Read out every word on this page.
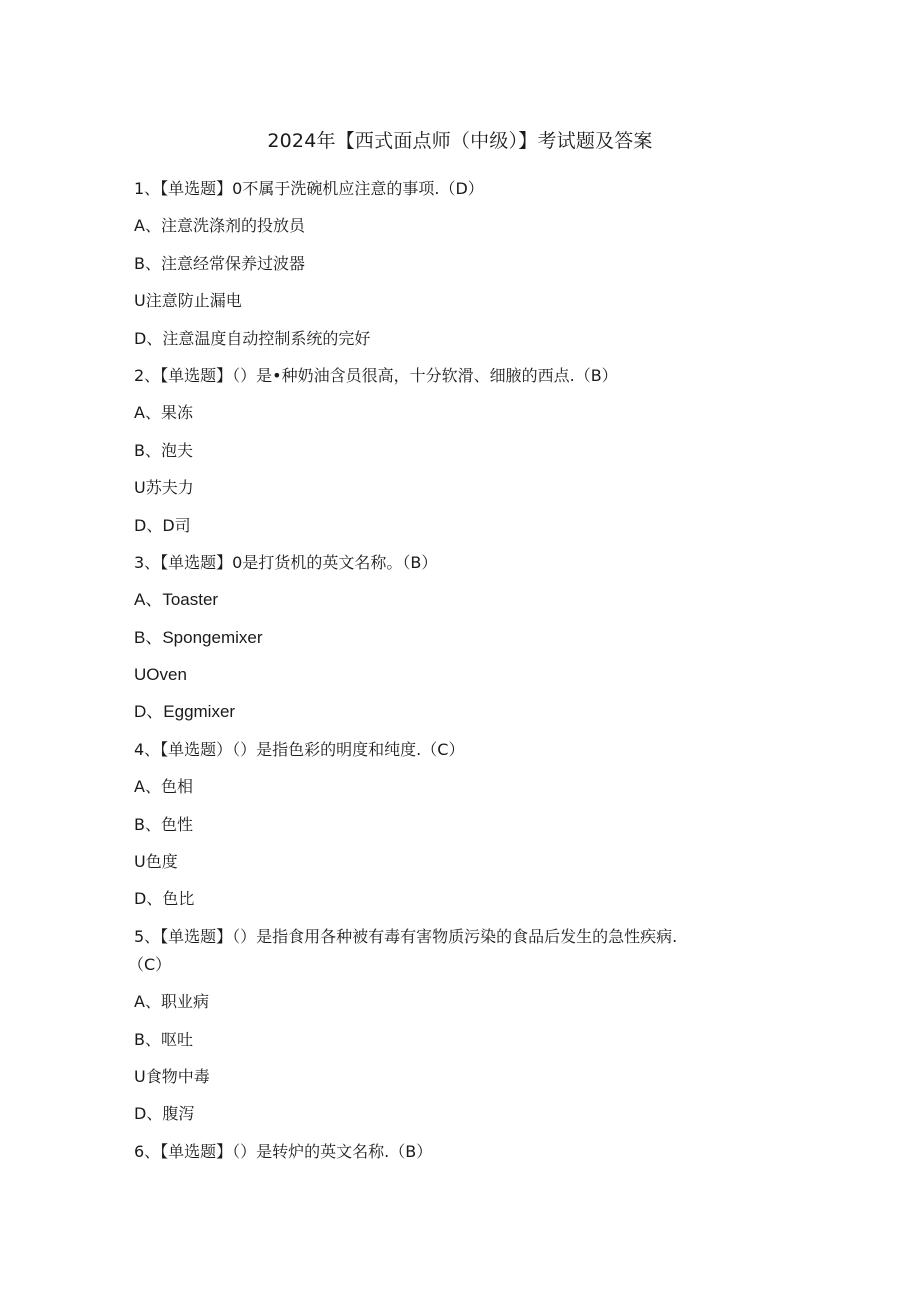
2024年【西式面点师（中级）】考试题及答案
1、【单选题】0不属于洗碗机应注意的事项.（D）
A、注意洗涤剂的投放员
B、注意经常保养过波器
U注意防止漏电
D、注意温度自动控制系统的完好
2、【单选题】（）是•种奶油含员很高，十分软滑、细腋的西点.（B）
A、果冻
B、泡夫
U苏夫力
D、D司
3、【单选题】0是打货机的英文名称。（B）
A、Toaster
B、Spongemixer
UOven
D、Eggmixer
4、【单选题）（）是指色彩的明度和纯度.（C）
A、色相
B、色性
U色度
D、色比
5、【单选题】（）是指食用各种被有毒有害物质污染的食品后发生的急性疾病.
（C）
A、职业病
B、呕吐
U食物中毒
D、腹泻
6、【单选题】（）是转炉的英文名称.（B）
